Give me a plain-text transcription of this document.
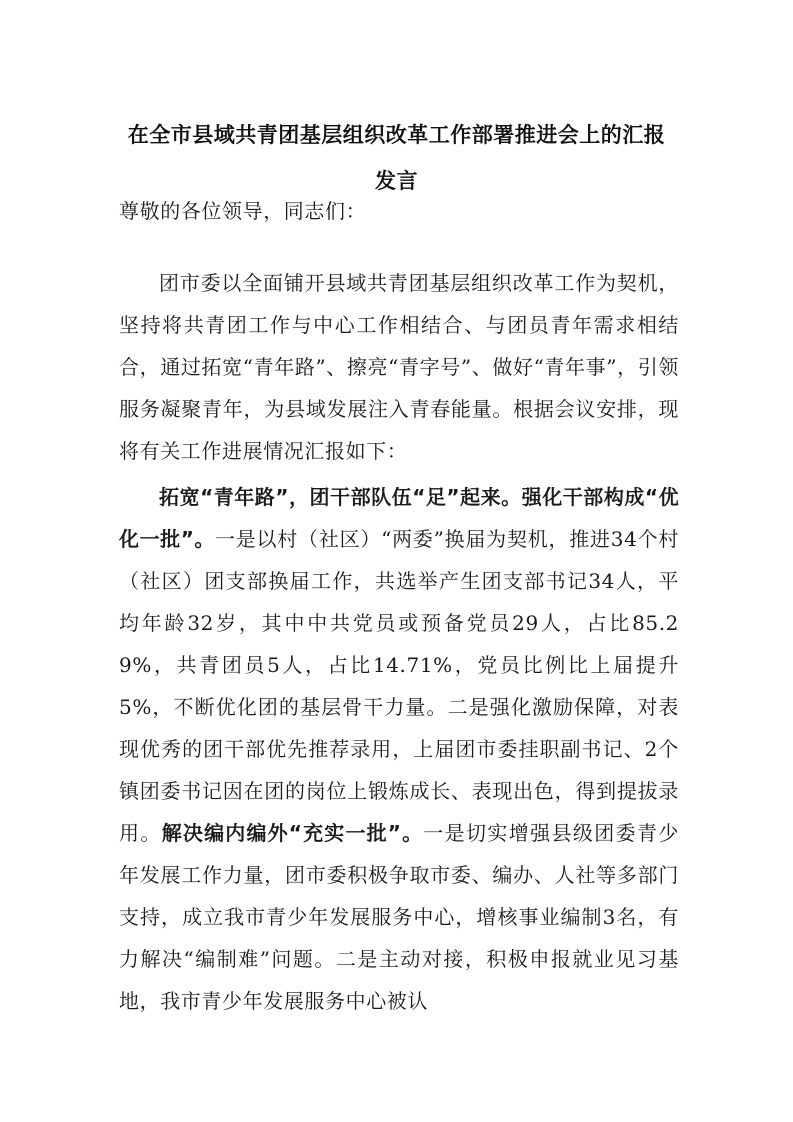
在全市县域共青团基层组织改革工作部署推进会上的汇报
发言
尊敬的各位领导，同志们：
团市委以全面铺开县域共青团基层组织改革工作为契机，坚持将共青团工作与中心工作相结合、与团员青年需求相结合，通过拓宽“青年路”、擦亮“青字号”、做好“青年事”，引领服务凝聚青年，为县域发展注入青春能量。根据会议安排，现将有关工作进展情况汇报如下：
拓宽“青年路”，团干部队伍“足”起来。强化干部构成“优化一批”。一是以村（社区）“两委”换届为契机，推进34个村（社区）团支部换届工作，共选举产生团支部书记34人，平均年龄32岁，其中中共党员或预备党员29人，占比85.29%，共青团员5人，占比14.71%，党员比例比上届提升5%，不断优化团的基层骨干力量。二是强化激励保障，对表现优秀的团干部优先推荐录用，上届团市委挂职副书记、2个镇团委书记因在团的岗位上锻炼成长、表现出色，得到提拔录用。解决编内编外“充实一批”。一是切实增强县级团委青少年发展工作力量，团市委积极争取市委、编办、人社等多部门支持，成立我市青少年发展服务中心，增核事业编制3名，有力解决“编制难”问题。二是主动对接，积极申报就业见习基地，我市青少年发展服务中心被认
